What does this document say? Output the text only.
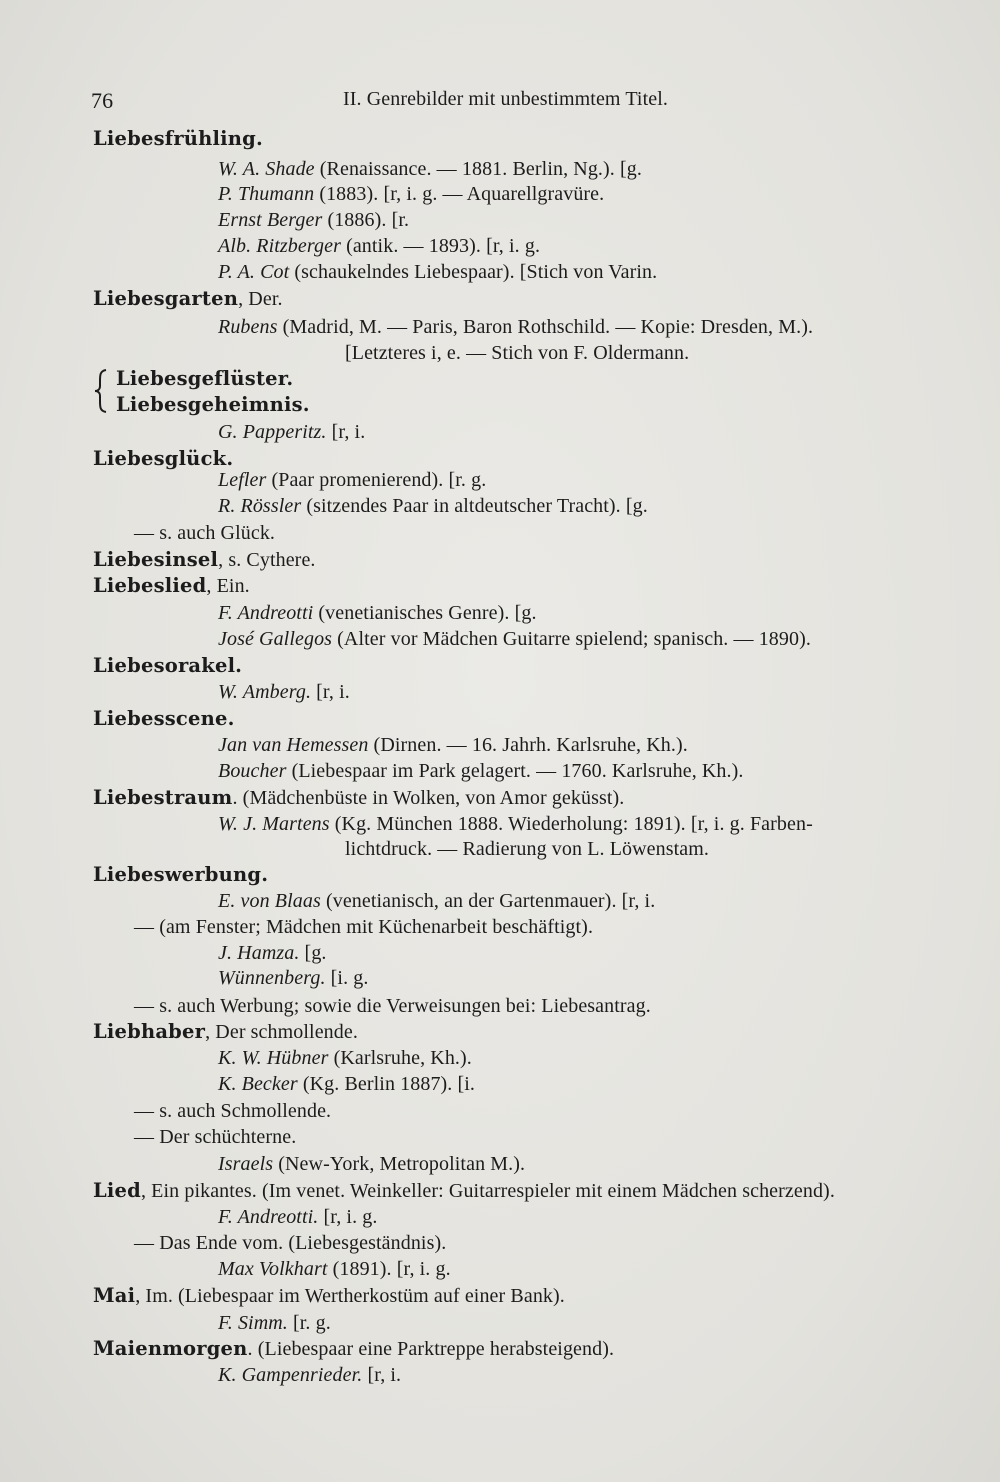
76	II. Genrebilder mit unbestimmtem Titel.
Liebesfrühling.
W. A. Shade (Renaissance. — 1881. Berlin, Ng.). [g.
P. Thumann (1883). [r, i. g. — Aquarellgravüre.
Ernst Berger (1886). [r.
Alb. Ritzberger (antik. — 1893). [r, i. g.
P. A. Cot (schaukelndes Liebespaar). [Stich von Varin.
Liebesgarten, Der.
Rubens (Madrid, M. — Paris, Baron Rothschild. — Kopie: Dresden, M.).
[Letzteres i, e. — Stich von F. Oldermann.
Liebesgeflüster.
Liebesgeheimnis.
G. Papperitz. [r, i.
Liebesglück.
Lefler (Paar promenierend). [r. g.
R. Rössler (sitzendes Paar in altdeutscher Tracht). [g.
— s. auch Glück.
Liebesinsel, s. Cythere.
Liebeslied, Ein.
F. Andreotti (venetianisches Genre). [g.
José Gallegos (Alter vor Mädchen Guitarre spielend; spanisch. — 1890).
Liebesorakel.
W. Amberg. [r, i.
Liebesscene.
Jan van Hemessen (Dirnen. — 16. Jahrh. Karlsruhe, Kh.).
Boucher (Liebespaar im Park gelagert. — 1760. Karlsruhe, Kh.).
Liebestraum. (Mädchenbüste in Wolken, von Amor geküsst).
W. J. Martens (Kg. München 1888. Wiederholung: 1891). [r, i. g. Farben-
lichtdruck. — Radierung von L. Löwenstam.
Liebeswerbung.
E. von Blaas (venetianisch, an der Gartenmauer). [r, i.
— (am Fenster; Mädchen mit Küchenarbeit beschäftigt).
J. Hamza. [g.
Wünnenberg. [i. g.
— s. auch Werbung; sowie die Verweisungen bei: Liebesantrag.
Liebhaber, Der schmollende.
K. W. Hübner (Karlsruhe, Kh.).
K. Becker (Kg. Berlin 1887). [i.
— s. auch Schmollende.
— Der schüchterne.
Israels (New-York, Metropolitan M.).
Lied, Ein pikantes. (Im venet. Weinkeller: Guitarrespieler mit einem Mädchen scherzend).
F. Andreotti. [r, i. g.
— Das Ende vom. (Liebesgeständnis).
Max Volkhart (1891). [r, i. g.
Mai, Im. (Liebespaar im Wertherkostüm auf einer Bank).
F. Simm. [r. g.
Maienmorgen. (Liebespaar eine Parktreppe herabsteigend).
K. Gampenrieder. [r, i.
